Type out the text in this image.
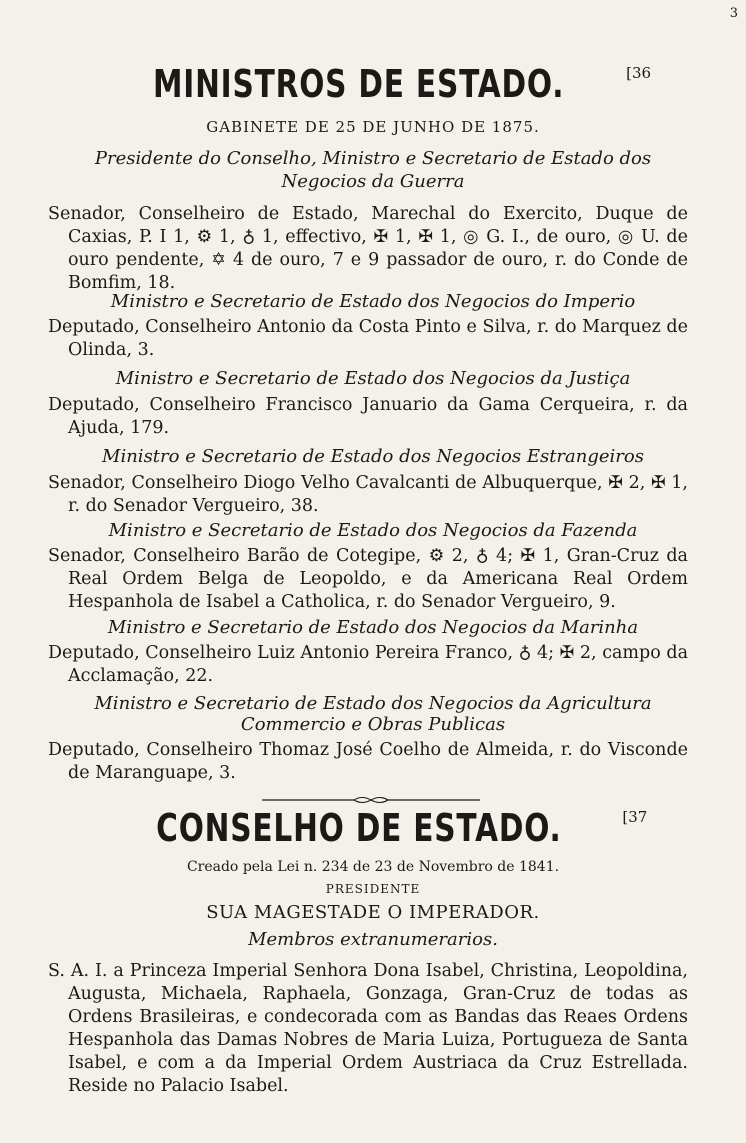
3
MINISTROS DE ESTADO.	[36
GABINETE DE 25 DE JUNHO DE 1875.
Presidente do Conselho, Ministro e Secretario de Estado dos
Negocios da Guerra
Senador, Conselheiro de Estado, Marechal do Exercito, Duque de Caxias, P. I 1, ⚙ 1, ♁ 1, effectivo, ✠ 1, ✠ 1, ◎ G. I., de ouro, ◎ U. de ouro pendente, ✡ 4 de ouro, 7 e 9 passador de ouro, r. do Conde de Bomfim, 18.
Ministro e Secretario de Estado dos Negocios do Imperio
Deputado, Conselheiro Antonio da Costa Pinto e Silva, r. do Marquez de Olinda, 3.
Ministro e Secretario de Estado dos Negocios da Justiça
Deputado, Conselheiro Francisco Januario da Gama Cerqueira, r. da Ajuda, 179.
Ministro e Secretario de Estado dos Negocios Estrangeiros
Senador, Conselheiro Diogo Velho Cavalcanti de Albuquerque, ✠ 2, ✠ 1, r. do Senador Vergueiro, 38.
Ministro e Secretario de Estado dos Negocios da Fazenda
Senador, Conselheiro Barão de Cotegipe, ⚙ 2, ♁ 4; ✠ 1, Gran-Cruz da Real Ordem Belga de Leopoldo, e da Americana Real Ordem Hespanhola de Isabel a Catholica, r. do Senador Vergueiro, 9.
Ministro e Secretario de Estado dos Negocios da Marinha
Deputado, Conselheiro Luiz Antonio Pereira Franco, ♁ 4; ✠ 2, campo da Acclamação, 22.
Ministro e Secretario de Estado dos Negocios da Agricultura
Commercio e Obras Publicas
Deputado, Conselheiro Thomaz José Coelho de Almeida, r. do Visconde de Maranguape, 3.
CONSELHO DE ESTADO.	[37
Creado pela Lei n. 234 de 23 de Novembro de 1841.
PRESIDENTE
SUA MAGESTADE O IMPERADOR.
Membros extranumerarios.
S. A. I. a Princeza Imperial Senhora Dona Isabel, Christina, Leopoldina, Augusta, Michaela, Raphaela, Gonzaga, Gran-Cruz de todas as Ordens Brasileiras, e condecorada com as Bandas das Reaes Ordens Hespanhola das Damas Nobres de Maria Luiza, Portugueza de Santa Isabel, e com a da Imperial Ordem Austriaca da Cruz Estrellada. Reside no Palacio Isabel.
